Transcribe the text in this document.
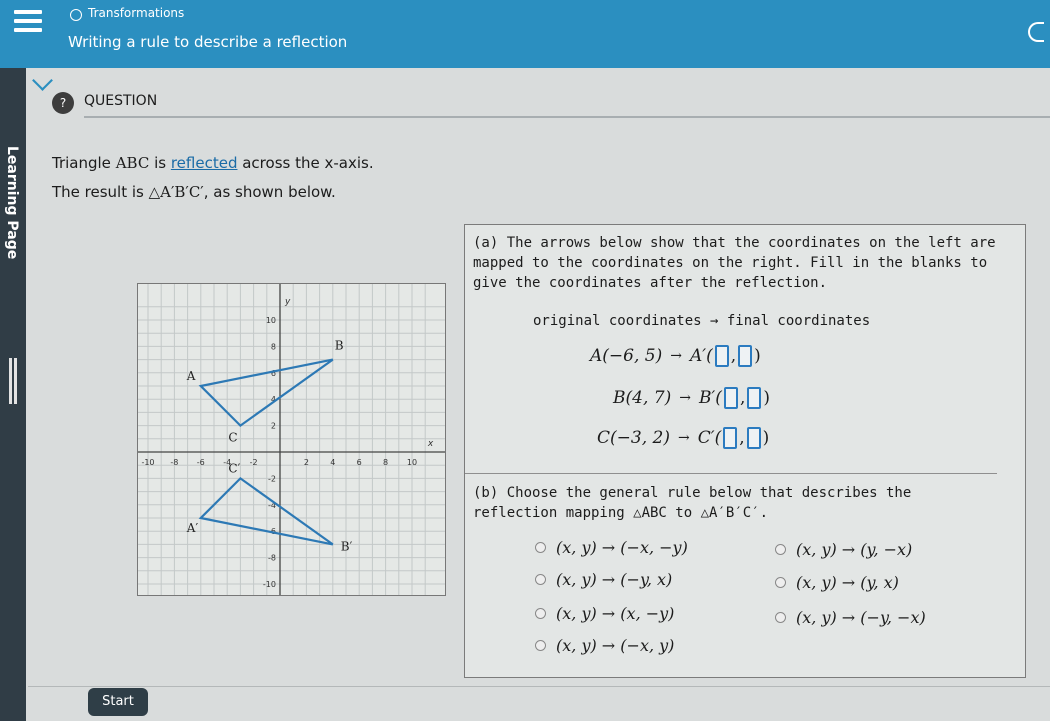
Transformations
Writing a rule to describe a reflection
Learning Page
?	QUESTION
Triangle ABC is reflected across the x-axis.
The result is △A′B′C′, as shown below.
-10 -8 -6 -4 -2	2	4	6	8 10
10
8
6
4
2
-2
-4
-6
-8
-10
x
y
A
B
C
A′
B′
C′
(a) The arrows below show that the coordinates on the left are mapped to the coordinates on the right. Fill in the blanks to give the coordinates after the reflection.
original coordinates → final coordinates
A(−6, 5) → A′( , )
B(4, 7) → B′( , )
C(−3, 2) → C′( , )
(b) Choose the general rule below that describes the reflection mapping △ABC to △A′B′C′.
(x, y) → (−x, −y)	(x, y) → (y, −x)
(x, y) → (−y, x)	(x, y) → (y, x)
(x, y) → (x, −y)	(x, y) → (−y, −x)
(x, y) → (−x, y)
Start
